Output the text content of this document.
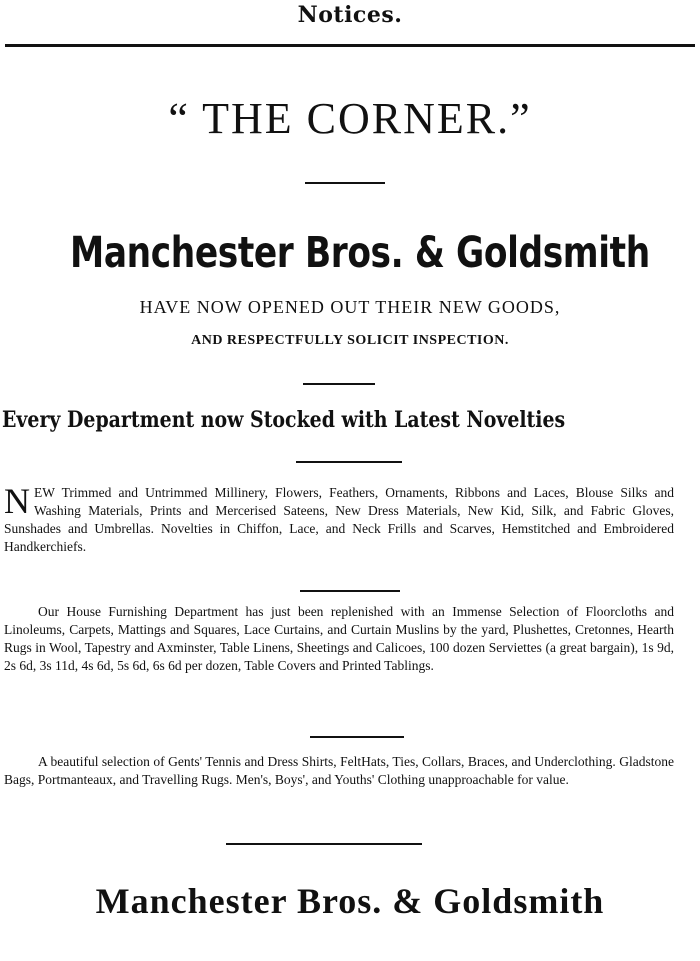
Notices.
“ THE CORNER.”
Manchester Bros. & Goldsmith
HAVE NOW OPENED OUT THEIR NEW GOODS,
AND RESPECTFULLY SOLICIT INSPECTION.
Every Department now Stocked with Latest Novelties
N EW Trimmed and Untrimmed Millinery, Flowers, Feathers, Ornaments, Ribbons and Laces, Blouse Silks and Washing Materials, Prints and Mercerised Sateens, New Dress Materials, New Kid, Silk, and Fabric Gloves, Sunshades and Umbrellas. Novelties in Chiffon, Lace, and Neck Frills and Scarves, Hemstitched and Embroidered Handkerchiefs.
Our House Furnishing Department has just been replenished with an Immense Selection of Floorcloths and Linoleums, Carpets, Mattings and Squares, Lace Curtains, and Curtain Muslins by the yard, Plushettes, Cretonnes, Hearth Rugs in Wool, Tapestry and Axminster, Table Linens, Sheetings and Calicoes, 100 dozen Serviettes (a great bargain), 1s 9d, 2s 6d, 3s 11d, 4s 6d, 5s 6d, 6s 6d per dozen, Table Covers and Printed Tablings.
A beautiful selection of Gents' Tennis and Dress Shirts, FeltHats, Ties, Collars, Braces, and Underclothing. Gladstone Bags, Portmanteaux, and Travelling Rugs. Men's, Boys', and Youths' Clothing unapproachable for value.
Manchester Bros. & Goldsmith
